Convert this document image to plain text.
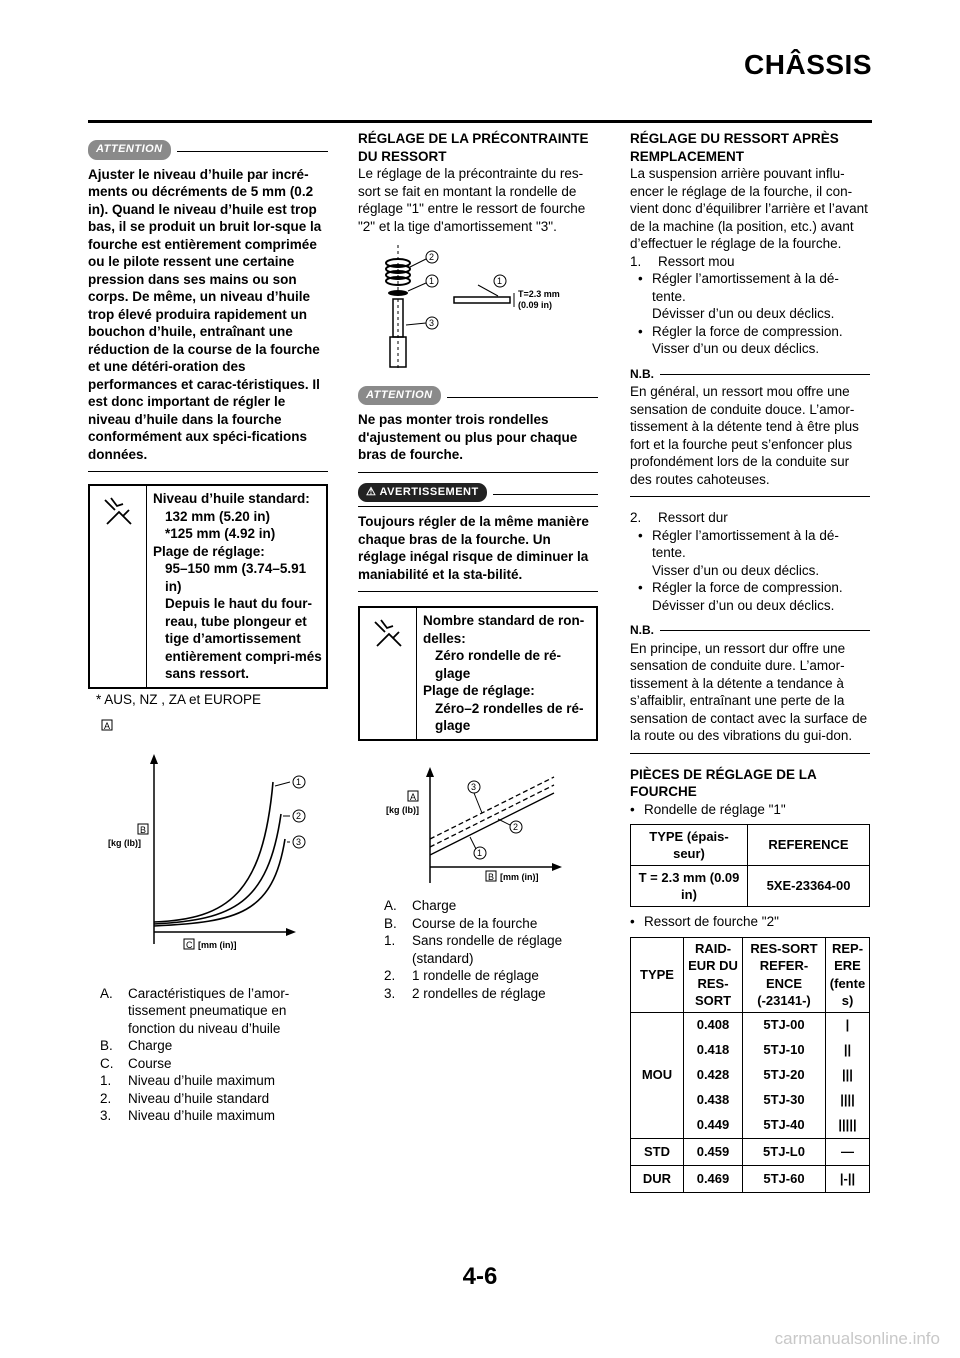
CHÂSSIS
ATTENTION
Ajuster le niveau d’huile par incré-ments ou décréments de 5 mm (0.2 in). Quand le niveau d’huile est trop bas, il se produit un bruit lor-sque la fourche est entièrement comprimée ou le pilote ressent une certaine pression dans ses mains ou son corps. De même, un niveau d’huile trop élevé produira rapidement un bouchon d’huile, entraînant une réduction de la course de la fourche et une détéri-oration des performances et carac-téristiques. Il est donc important de régler le niveau d’huile dans la fourche conformément aux spéci-fications données.
Niveau d’huile standard:
132 mm (5.20 in)
*125 mm (4.92 in)
Plage de réglage:
95–150 mm (3.74–5.91 in)
Depuis le haut du four-reau, tube plongeur et tige d’amortissement entièrement compri-més sans ressort.
* AUS, NZ , ZA et EUROPE
A
1
2
3
B
[kg (lb)]
C [mm (in)]
A.	Caractéristiques de l’amor-tissement pneumatique en fonction du niveau d’huile
B.	Charge
C.	Course
1.	Niveau d’huile maximum
2.	Niveau d’huile standard
3.	Niveau d’huile maximum
RÉGLAGE DE LA PRÉCONTRAINTE DU RESSORT
Le réglage de la précontrainte du res-sort se fait en montant la rondelle de réglage "1" entre le ressort de fourche "2" et la tige d'amortissement "3".
2
1
3
1
T=2.3 mm
(0.09 in)
ATTENTION
Ne pas monter trois rondelles d'ajustement ou plus pour chaque bras de fourche.
⚠ AVERTISSEMENT
Toujours régler de la même manière chaque bras de la fourche. Un réglage inégal risque de diminuer la maniabilité et la sta-bilité.
Nombre standard de ron-delles:
Zéro rondelle de ré-glage
Plage de réglage:
Zéro–2 rondelles de ré-glage
1
2
3
A
[kg (lb)]
B [mm (in)]
A.	Charge
B.	Course de la fourche
1.	Sans rondelle de réglage (standard)
2.	1 rondelle de réglage
3.	2 rondelles de réglage
RÉGLAGE DU RESSORT APRÈS REMPLACEMENT
La suspension arrière pouvant influ-encer le réglage de la fourche, il con-vient donc d’équilibrer l’arrière et l’avant de la machine (la position, etc.) avant d’effectuer le réglage de la fourche.
1.	Ressort mou
• Régler l’amortissement à la dé-tente.
Dévisser d’un ou deux déclics.
• Régler la force de compression.
Visser d’un ou deux déclics.
N.B.
En général, un ressort mou offre une sensation de conduite douce. L’amor-tissement à la détente tend à être plus fort et la fourche peut s’enfoncer plus profondément lors de la conduite sur des routes cahoteuses.
2.	Ressort dur
• Régler l’amortissement à la dé-tente.
Visser d’un ou deux déclics.
• Régler la force de compression.
Dévisser d’un ou deux déclics.
N.B.
En principe, un ressort dur offre une sensation de conduite dure. L’amor-tissement à la détente a tendance à s’affaiblir, entraînant une perte de la sensation de contact avec la surface de la route ou des vibrations du gui-don.
PIÈCES DE RÉGLAGE DE LA FOURCHE
• Rondelle de réglage "1"
TYPE (épais-seur)	REFERENCE
T = 2.3 mm (0.09 in)	5XE-23364-00
• Ressort de fourche "2"
TYPE	RAID-EUR DU RES-SORT	RES-SORT REFER-ENCE (-23141-)	REP-ERE (fente s)
MOU	0.408	5TJ-00	|
	0.418	5TJ-10	||
	0.428	5TJ-20	|||
	0.438	5TJ-30	||||
	0.449	5TJ-40	|||||
STD	0.459	5TJ-L0	—
DUR	0.469	5TJ-60	|-||
4-6
carmanualsonline.info
